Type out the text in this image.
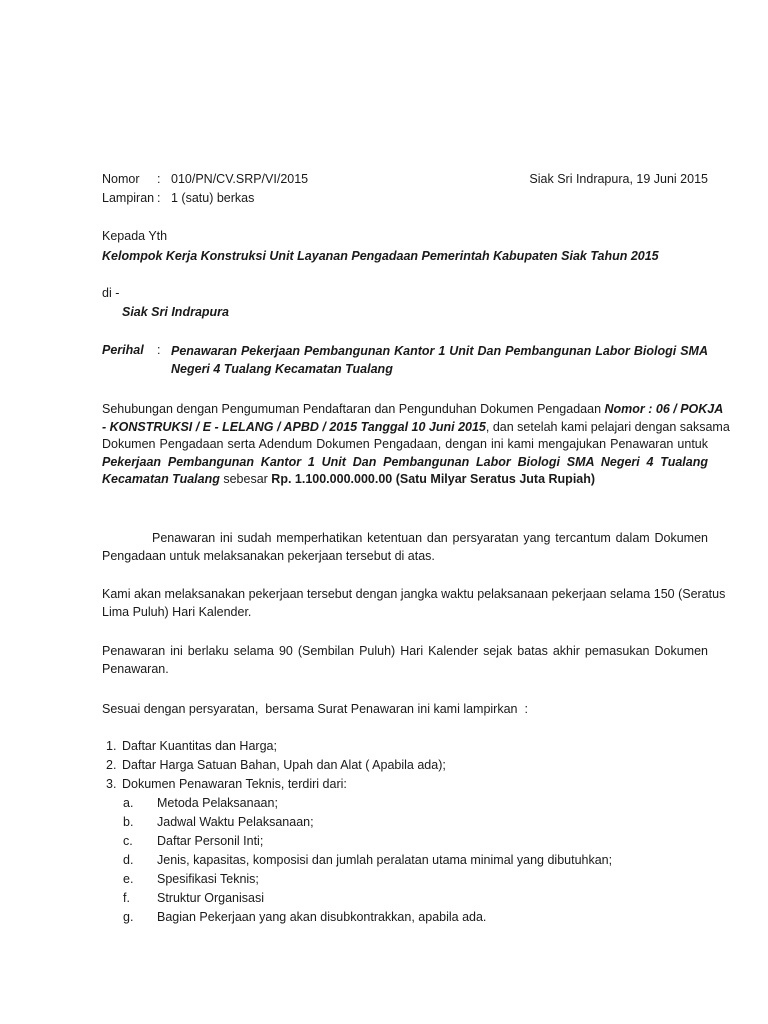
Nomor : 010/PN/CV.SRP/VI/2015	Siak Sri Indrapura, 19 Juni 2015
Lampiran : 1 (satu) berkas
Kepada Yth
Kelompok Kerja Konstruksi Unit Layanan Pengadaan Pemerintah Kabupaten Siak Tahun 2015
di -
Siak Sri Indrapura
Perihal : Penawaran Pekerjaan Pembangunan Kantor 1 Unit Dan Pembangunan Labor Biologi SMA
Negeri 4 Tualang Kecamatan Tualang
Sehubungan dengan Pengumuman Pendaftaran dan Pengunduhan Dokumen Pengadaan Nomor : 06 / POKJA
- KONSTRUKSI / E - LELANG / APBD / 2015 Tanggal 10 Juni 2015, dan setelah kami pelajari dengan saksama
Dokumen Pengadaan serta Adendum Dokumen Pengadaan, dengan ini kami mengajukan Penawaran untuk
Pekerjaan Pembangunan Kantor 1 Unit Dan Pembangunan Labor Biologi SMA Negeri 4 Tualang
Kecamatan Tualang sebesar Rp. 1.100.000.000.00 (Satu Milyar Seratus Juta Rupiah)
Penawaran ini sudah memperhatikan ketentuan dan persyaratan yang tercantum dalam Dokumen
Pengadaan untuk melaksanakan pekerjaan tersebut di atas.
Kami akan melaksanakan pekerjaan tersebut dengan jangka waktu pelaksanaan pekerjaan selama 150 (Seratus
Lima Puluh) Hari Kalender.
Penawaran ini berlaku selama 90 (Sembilan Puluh) Hari Kalender sejak batas akhir pemasukan Dokumen
Penawaran.
Sesuai dengan persyaratan,  bersama Surat Penawaran ini kami lampirkan  :
1. Daftar Kuantitas dan Harga;
2. Daftar Harga Satuan Bahan, Upah dan Alat ( Apabila ada);
3. Dokumen Penawaran Teknis, terdiri dari:
a. Metoda Pelaksanaan;
b. Jadwal Waktu Pelaksanaan;
c. Daftar Personil Inti;
d. Jenis, kapasitas, komposisi dan jumlah peralatan utama minimal yang dibutuhkan;
e. Spesifikasi Teknis;
f. Struktur Organisasi
g. Bagian Pekerjaan yang akan disubkontrakkan, apabila ada.
